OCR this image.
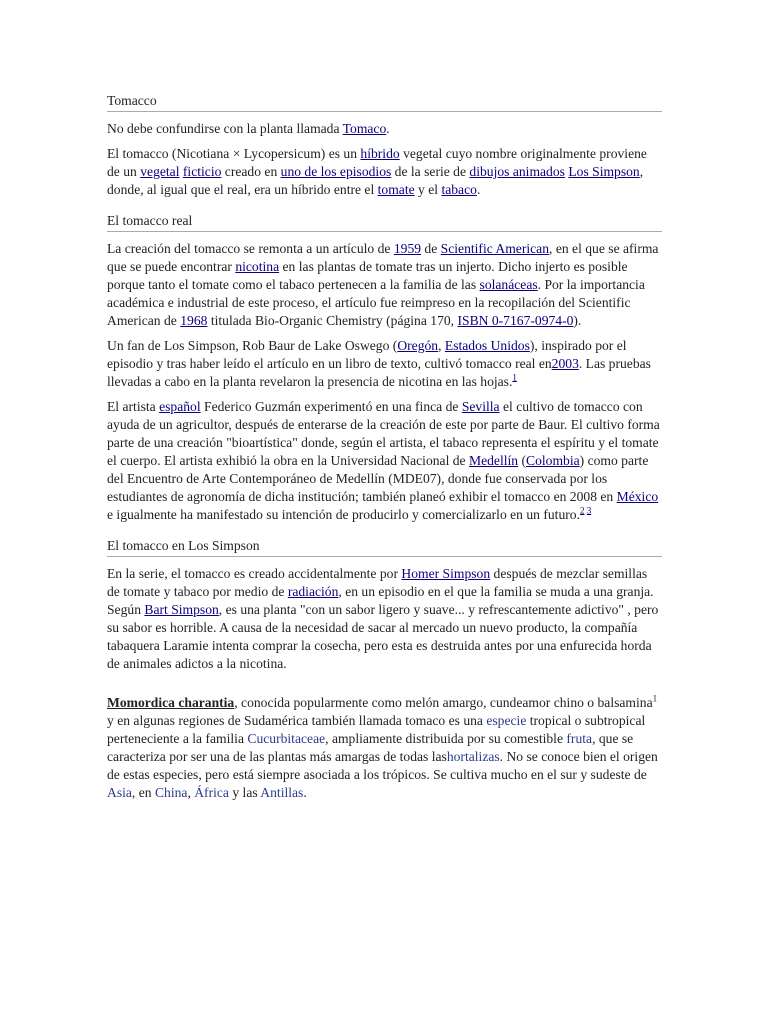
Tomacco

No debe confundirse con la planta llamada Tomaco.

El tomacco (Nicotiana × Lycopersicum) es un híbrido vegetal cuyo nombre originalmente proviene de un vegetal ficticio creado en uno de los episodios de la serie de dibujos animados Los Simpson, donde, al igual que el real, era un híbrido entre el tomate y el tabaco.

El tomacco real

La creación del tomacco se remonta a un artículo de 1959 de Scientific American, en el que se afirma que se puede encontrar nicotina en las plantas de tomate tras un injerto. Dicho injerto es posible porque tanto el tomate como el tabaco pertenecen a la familia de las solanáceas. Por la importancia académica e industrial de este proceso, el artículo fue reimpreso en la recopilación del Scientific American de 1968 titulada Bio-Organic Chemistry (página 170, ISBN 0-7167-0974-0).

Un fan de Los Simpson, Rob Baur de Lake Oswego (Oregón, Estados Unidos), inspirado por el episodio y tras haber leído el artículo en un libro de texto, cultivó tomacco real en2003. Las pruebas llevadas a cabo en la planta revelaron la presencia de nicotina en las hojas.$^1$

El artista español Federico Guzmán experimentó en una finca de Sevilla el cultivo de tomacco con ayuda de un agricultor, después de enterarse de la creación de este por parte de Baur. El cultivo forma parte de una creación "bioartística" donde, según el artista, el tabaco representa el espíritu y el tomate el cuerpo. El artista exhibió la obra en la Universidad Nacional de Medellín (Colombia) como parte del Encuentro de Arte Contemporáneo de Medellín (MDE07), donde fue conservada por los estudiantes de agronomía de dicha institución; también planeó exhibir el tomacco en 2008 en México e igualmente ha manifestado su intención de producirlo y comercializarlo en un futuro.$^{2 3}$

El tomacco en Los Simpson

En la serie, el tomacco es creado accidentalmente por Homer Simpson después de mezclar semillas de tomate y tabaco por medio de radiación, en un episodio en el que la familia se muda a una granja. Según Bart Simpson, es una planta "con un sabor ligero y suave... y refrescantemente adictivo" , pero su sabor es horrible. A causa de la necesidad de sacar al mercado un nuevo producto, la compañía tabaquera Laramie intenta comprar la cosecha, pero esta es destruida antes por una enfurecida horda de animales adictos a la nicotina.

Momordica charantia, conocida popularmente como melón amargo, cundeamor chino o balsamina$^1$ y en algunas regiones de Sudamérica también llamada tomaco es una especie tropical o subtropical perteneciente a la familia Cucurbitaceae, ampliamente distribuida por su comestible fruta, que se caracteriza por ser una de las plantas más amargas de todas lashortalizas. No se conoce bien el origen de estas especies, pero está siempre asociada a los trópicos. Se cultiva mucho en el sur y sudeste de Asia, en China, África y las Antillas.
